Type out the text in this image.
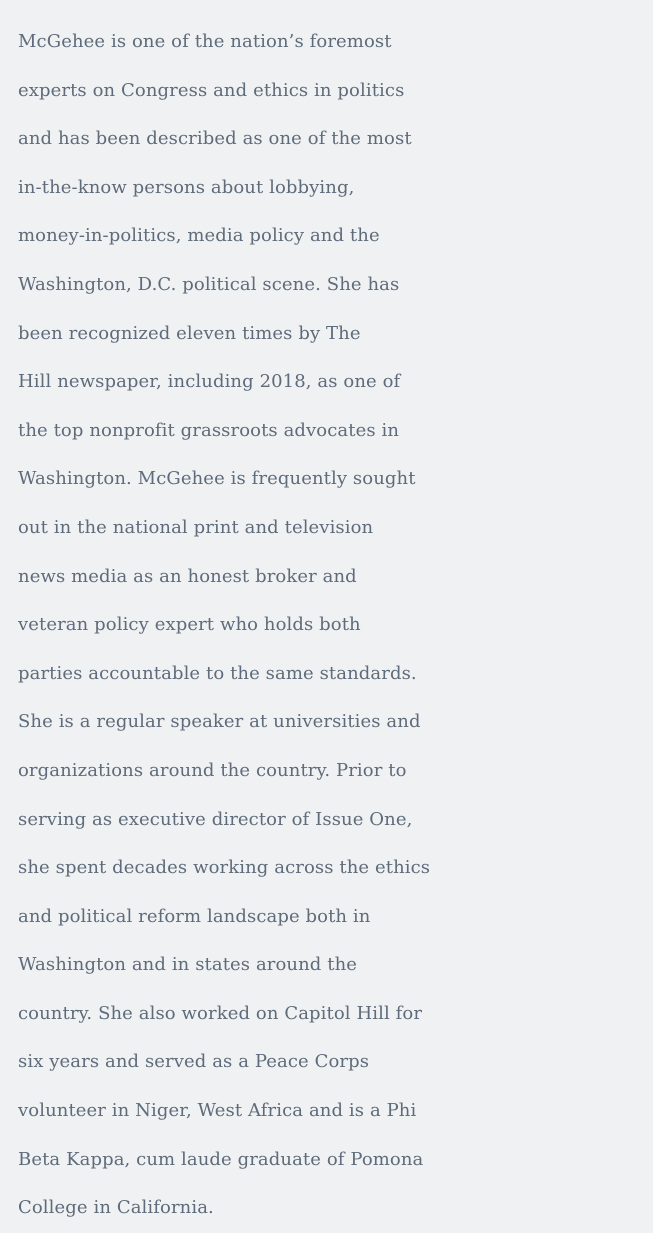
McGehee is one of the nation’s foremost
experts on Congress and ethics in politics
and has been described as one of the most
in-the-know persons about lobbying,
money-in-politics, media policy and the
Washington, D.C. political scene. She has
been recognized eleven times by The
Hill newspaper, including 2018, as one of
the top nonprofit grassroots advocates in
Washington. McGehee is frequently sought
out in the national print and television
news media as an honest broker and
veteran policy expert who holds both
parties accountable to the same standards.
She is a regular speaker at universities and
organizations around the country. Prior to
serving as executive director of Issue One,
she spent decades working across the ethics
and political reform landscape both in
Washington and in states around the
country. She also worked on Capitol Hill for
six years and served as a Peace Corps
volunteer in Niger, West Africa and is a Phi
Beta Kappa, cum laude graduate of Pomona
College in California.
